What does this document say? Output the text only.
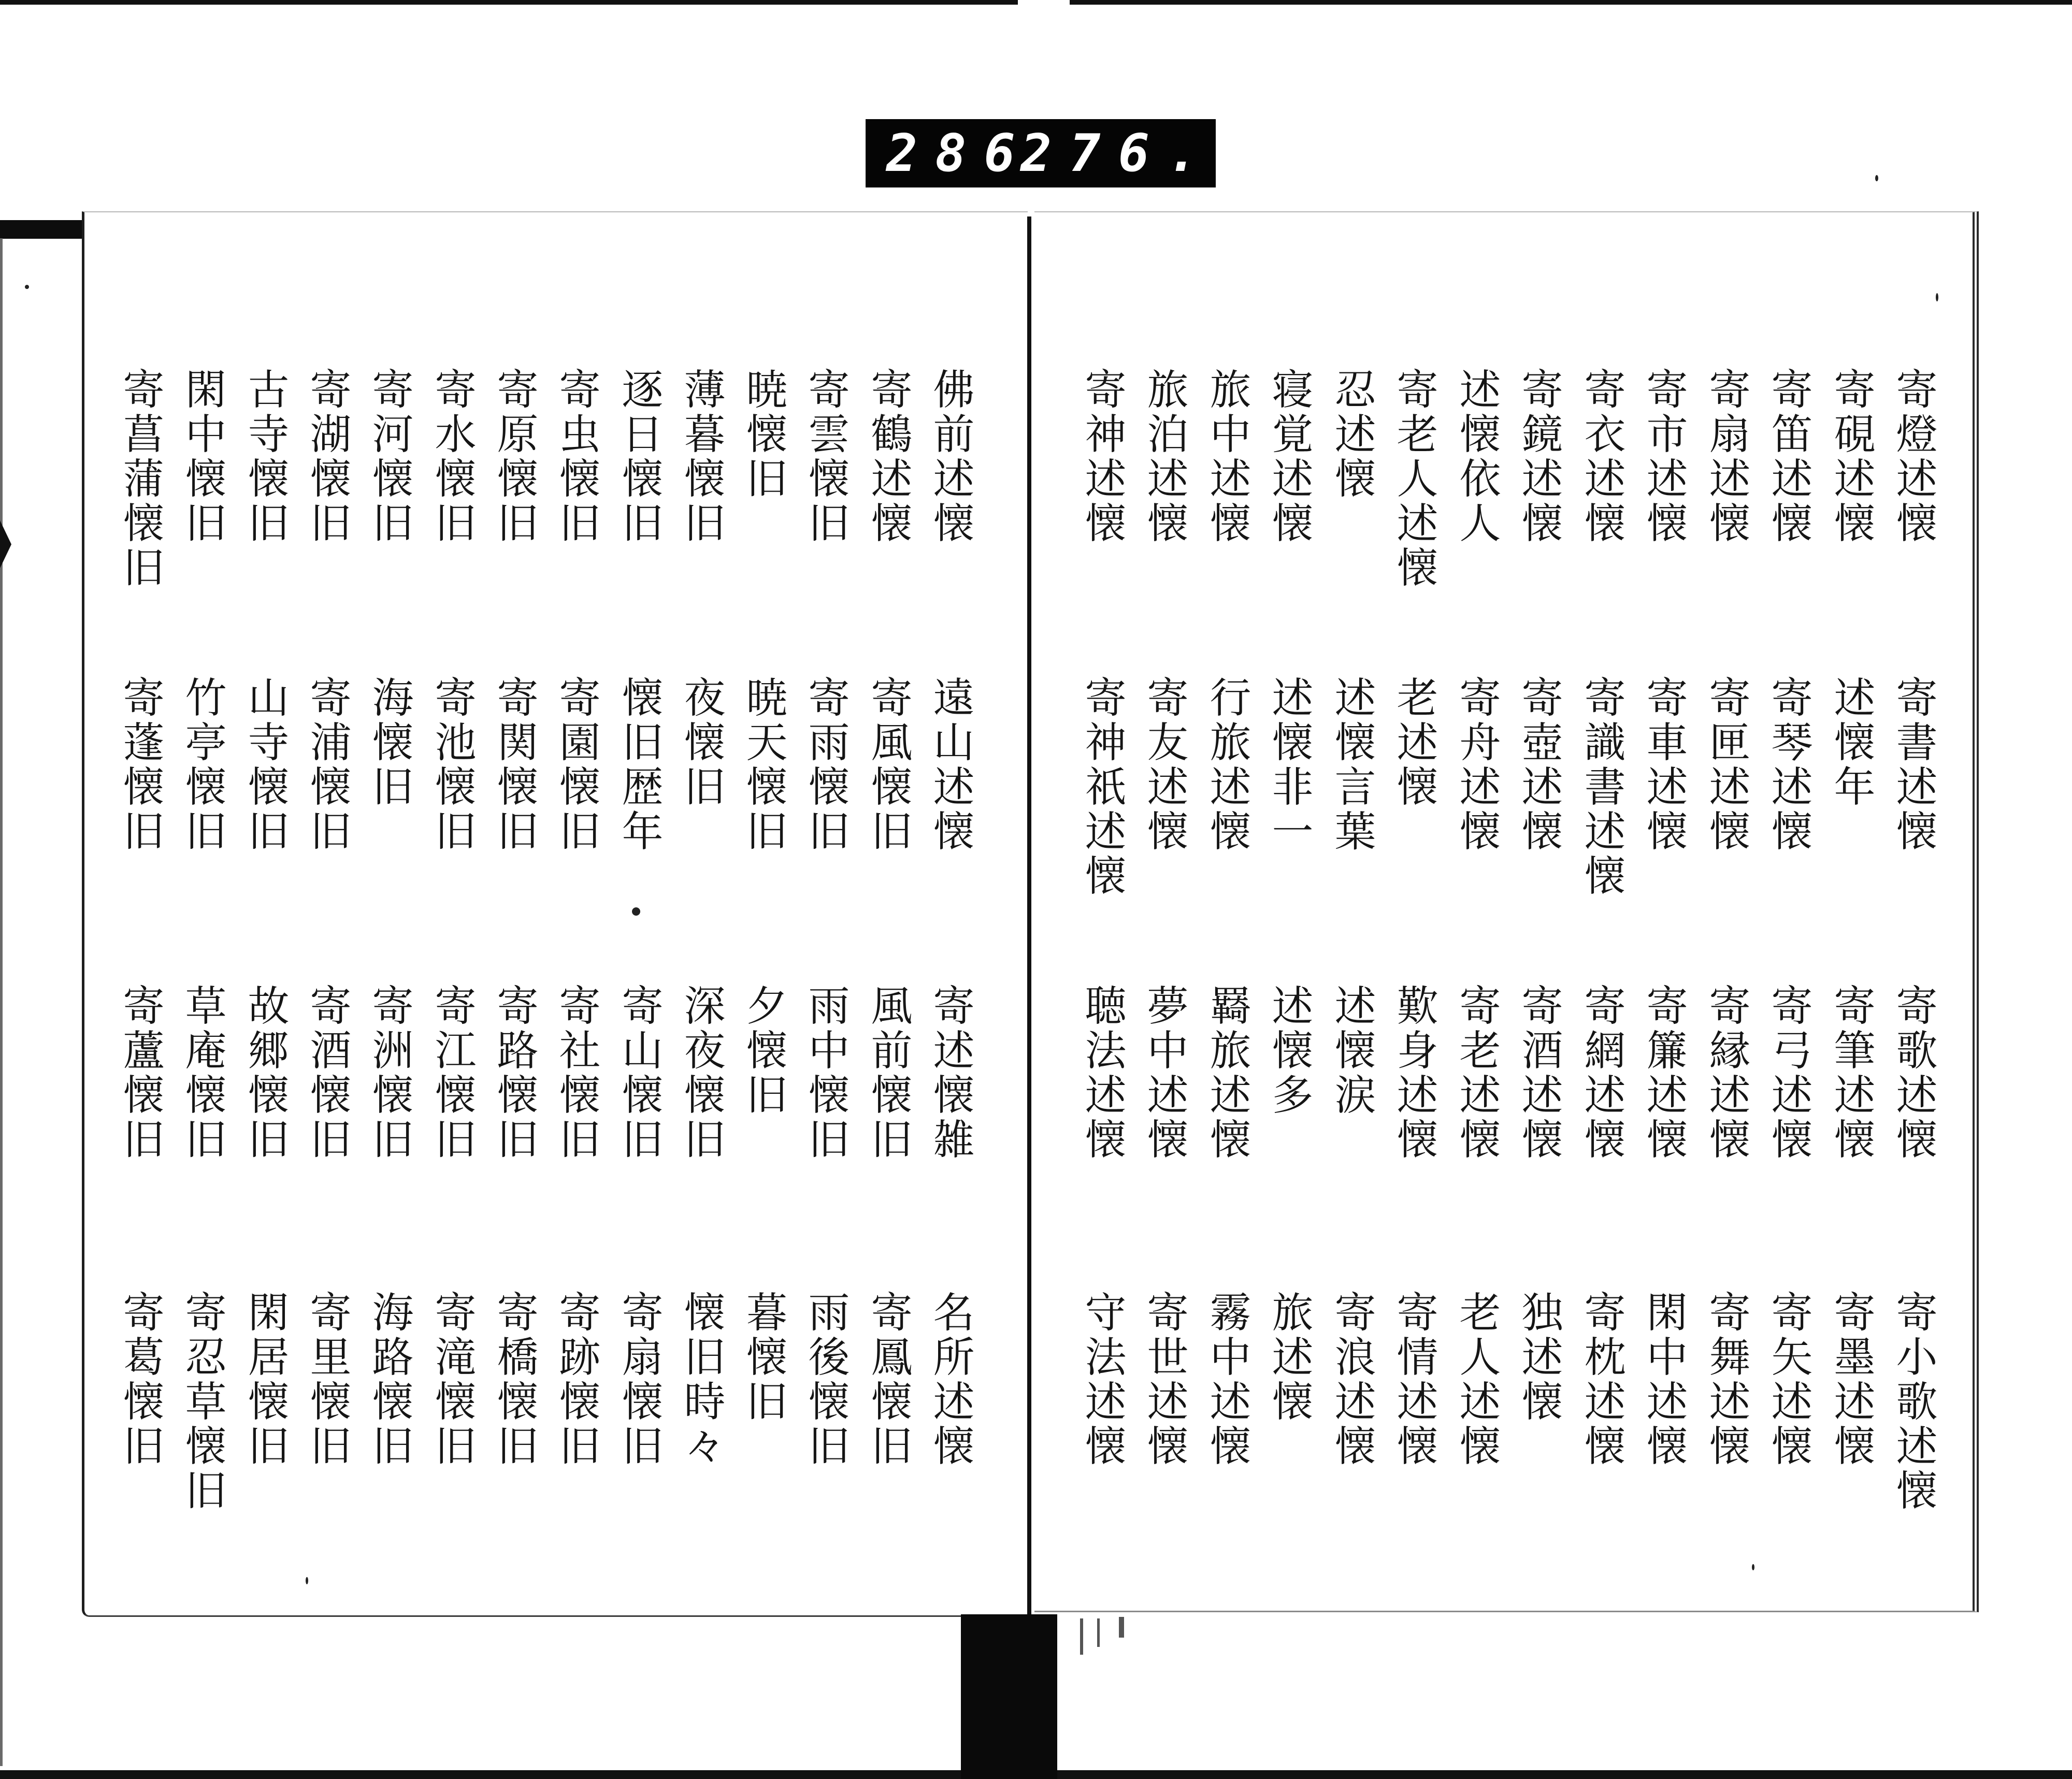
286
276.
寄燈述懐
寄硯述懐
寄笛述懐
寄扇述懐
寄市述懐
寄衣述懐
寄鏡述懐
述懐依人
寄老人述懐
忍述懐
寝覚述懐
旅中述懐
旅泊述懐
寄神述懐
寄書述懐
述懐年
寄琴述懐
寄匣述懐
寄車述懐
寄識書述懐
寄壺述懐
寄舟述懐
老述懐
述懐言葉
述懐非一
行旅述懐
寄友述懐
寄神祇述懐
寄歌述懐
寄筆述懐
寄弓述懐
寄縁述懐
寄簾述懐
寄網述懐
寄酒述懐
寄老述懐
歎身述懐
述懐涙
述懐多
羇旅述懐
夢中述懐
聴法述懐
寄小歌述懐
寄墨述懐
寄矢述懐
寄舞述懐
閑中述懐
寄枕述懐
独述懐
老人述懐
寄情述懐
寄浪述懐
旅述懐
霧中述懐
寄世述懐
守法述懐
佛前述懐
寄鶴述懐
寄雲懐旧
暁懐旧
薄暮懐旧
逐日懐旧
寄虫懐旧
寄原懐旧
寄水懐旧
寄河懐旧
寄湖懐旧
古寺懐旧
閑中懐旧
寄菖蒲懐旧
遠山述懐
寄風懐旧
寄雨懐旧
暁天懐旧
夜懐旧
懐旧歴年
寄園懐旧
寄関懐旧
寄池懐旧
海懐旧
寄浦懐旧
山寺懐旧
竹亭懐旧
寄蓬懐旧
寄述懐雑
風前懐旧
雨中懐旧
夕懐旧
深夜懐旧
寄山懐旧
寄社懐旧
寄路懐旧
寄江懐旧
寄洲懐旧
寄酒懐旧
故郷懐旧
草庵懐旧
寄蘆懐旧
名所述懐
寄鳳懐旧
雨後懐旧
暮懐旧
懐旧時々
寄扇懐旧
寄跡懐旧
寄橋懐旧
寄滝懐旧
海路懐旧
寄里懐旧
閑居懐旧
寄忍草懐旧
寄葛懐旧
